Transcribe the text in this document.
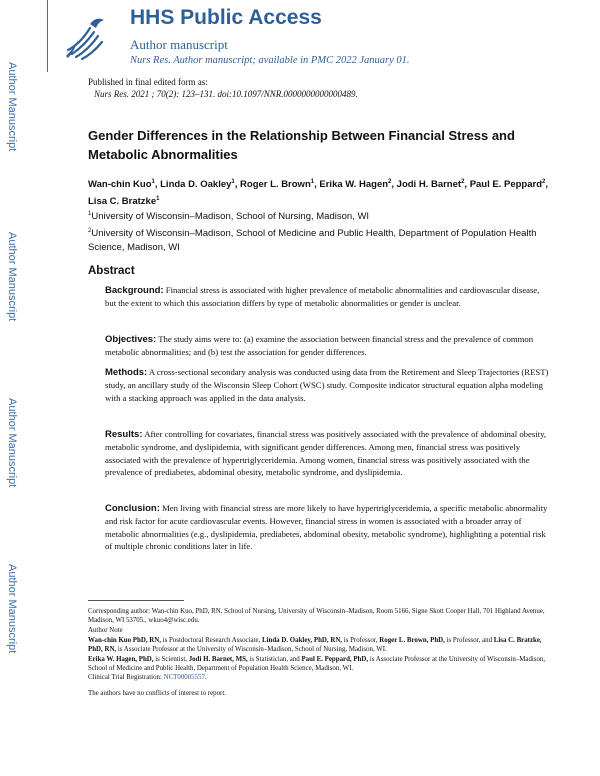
Author Manuscript
Author Manuscript
Author Manuscript
Author Manuscript
HHS Public Access
Author manuscript
Nurs Res. Author manuscript; available in PMC 2022 January 01.
Published in final edited form as:
Nurs Res. 2021 ; 70(2): 123–131. doi:10.1097/NNR.0000000000000489.
Gender Differences in the Relationship Between Financial Stress and Metabolic Abnormalities
Wan-chin Kuo$^1$, Linda D. Oakley$^1$, Roger L. Brown$^1$, Erika W. Hagen$^2$, Jodi H. Barnet$^2$, Paul E. Peppard$^2$, Lisa C. Bratzke$^1$
$^1$University of Wisconsin–Madison, School of Nursing, Madison, WI
$^2$University of Wisconsin–Madison, School of Medicine and Public Health, Department of Population Health Science, Madison, WI
Abstract
Background: Financial stress is associated with higher prevalence of metabolic abnormalities and cardiovascular disease, but the extent to which this association differs by type of metabolic abnormalities or gender is unclear.
Objectives: The study aims were to: (a) examine the association between financial stress and the prevalence of common metabolic abnormalities; and (b) test the association for gender differences.
Methods: A cross-sectional secondary analysis was conducted using data from the Retirement and Sleep Trajectories (REST) study, an ancillary study of the Wisconsin Sleep Cohort (WSC) study. Composite indicator structural equation alpha modeling with a stacking approach was applied in the data analysis.
Results: After controlling for covariates, financial stress was positively associated with the prevalence of abdominal obesity, metabolic syndrome, and dyslipidemia, with significant gender differences. Among men, financial stress was positively associated with the prevalence of hypertriglyceridemia. Among women, financial stress was positively associated with the prevalence of prediabetes, abdominal obesity, metabolic syndrome, and dyslipidemia.
Conclusion: Men living with financial stress are more likely to have hypertriglyceridemia, a specific metabolic abnormality and risk factor for acute cardiovascular events. However, financial stress in women is associated with a broader array of metabolic abnormalities (e.g., dyslipidemia, prediabetes, abdominal obesity, metabolic syndrome), highlighting a potential risk of multiple chronic conditions later in life.

Corresponding author: Wan-chin Kuo, PhD, RN, School of Nursing, University of Wisconsin–Madison, Room 5166, Signe Skott Cooper Hall, 701 Highland Avenue, Madison, WI 53705., wkuo4@wisc.edu.

Author Note

Wan-chin Kuo PhD, RN, is Postdoctoral Research Associate, Linda D. Oakley, PhD, RN, is Professor, Roger L. Brown, PhD, is Professor, and Lisa C. Bratzke, PhD, RN, is Associate Professor at the University of Wisconsin–Madison, School of Nursing, Madison, WI.

Erika W. Hagen, PhD, is Scientist, Jodi H. Barnet, MS, is Statistician, and Paul E. Peppard, PhD, is Associate Professor at the University of Wisconsin–Madison, School of Medicine and Public Health, Department of Population Health Science, Madison, WI.

Clinical Trial Registration: NCT00005557.

The authors have no conflicts of interest to report.
